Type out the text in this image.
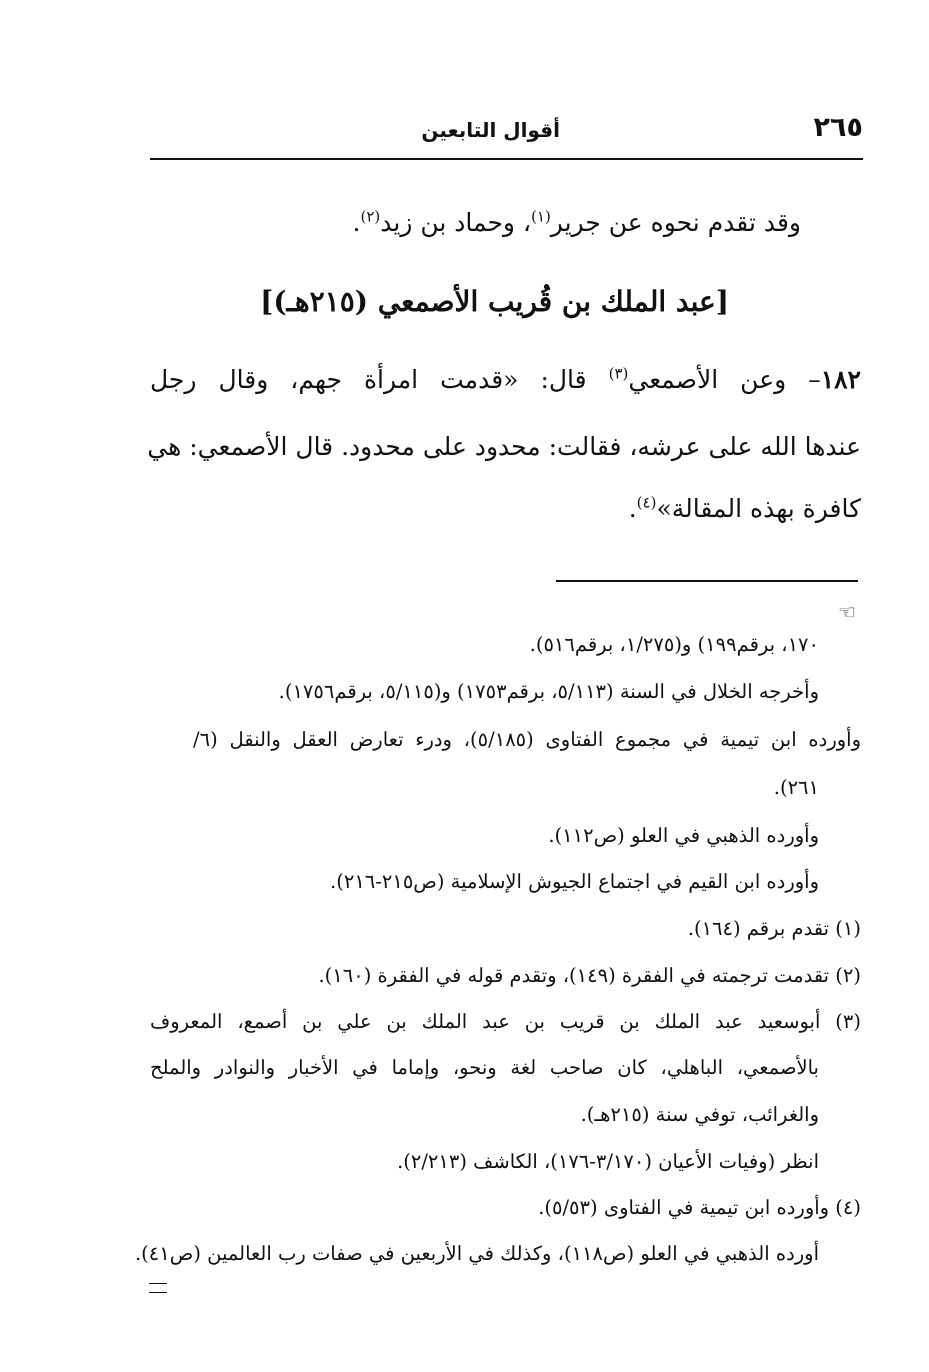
أقوال التابعين	٢٦٥
وقد تقدم نحوه عن جرير$^{(١)}$، وحماد بن زيد$^{(٢)}$.
[عبد الملك بن قُريب الأصمعي (٢١٥هـ)]
١٨٢– وعن الأصمعي$^{(٣)}$ قال: «قدمت امرأة جهم، وقال رجل
عندها الله على عرشه، فقالت: محدود على محدود. قال الأصمعي: هي
كافرة بهذه المقالة»$^{(٤)}$.
☜
١٧٠، برقم١٩٩) و(١/٢٧٥، برقم٥١٦).
وأخرجه الخلال في السنة (٥/١١٣، برقم١٧٥٣) و(٥/١١٥، برقم١٧٥٦).
وأورده ابن تيمية في مجموع الفتاوى (٥/١٨٥)، ودرء تعارض العقل والنقل (٦/
٢٦١).
وأورده الذهبي في العلو (ص١١٢).
وأورده ابن القيم في اجتماع الجيوش الإسلامية (ص٢١٥-٢١٦).
(١) تقدم برقم (١٦٤).
(٢) تقدمت ترجمته في الفقرة (١٤٩)، وتقدم قوله في الفقرة (١٦٠).
(٣) أبوسعيد عبد الملك بن قريب بن عبد الملك بن علي بن أصمع، المعروف
بالأصمعي، الباهلي، كان صاحب لغة ونحو، وإماما في الأخبار والنوادر والملح
والغرائب، توفي سنة (٢١٥هـ).
انظر (وفيات الأعيان (٣/١٧٠-١٧٦)، الكاشف (٢/٢١٣).
(٤) وأورده ابن تيمية في الفتاوى (٥/٥٣).
أورده الذهبي في العلو (ص١١٨)، وكذلك في الأربعين في صفات رب العالمين (ص٤١).
